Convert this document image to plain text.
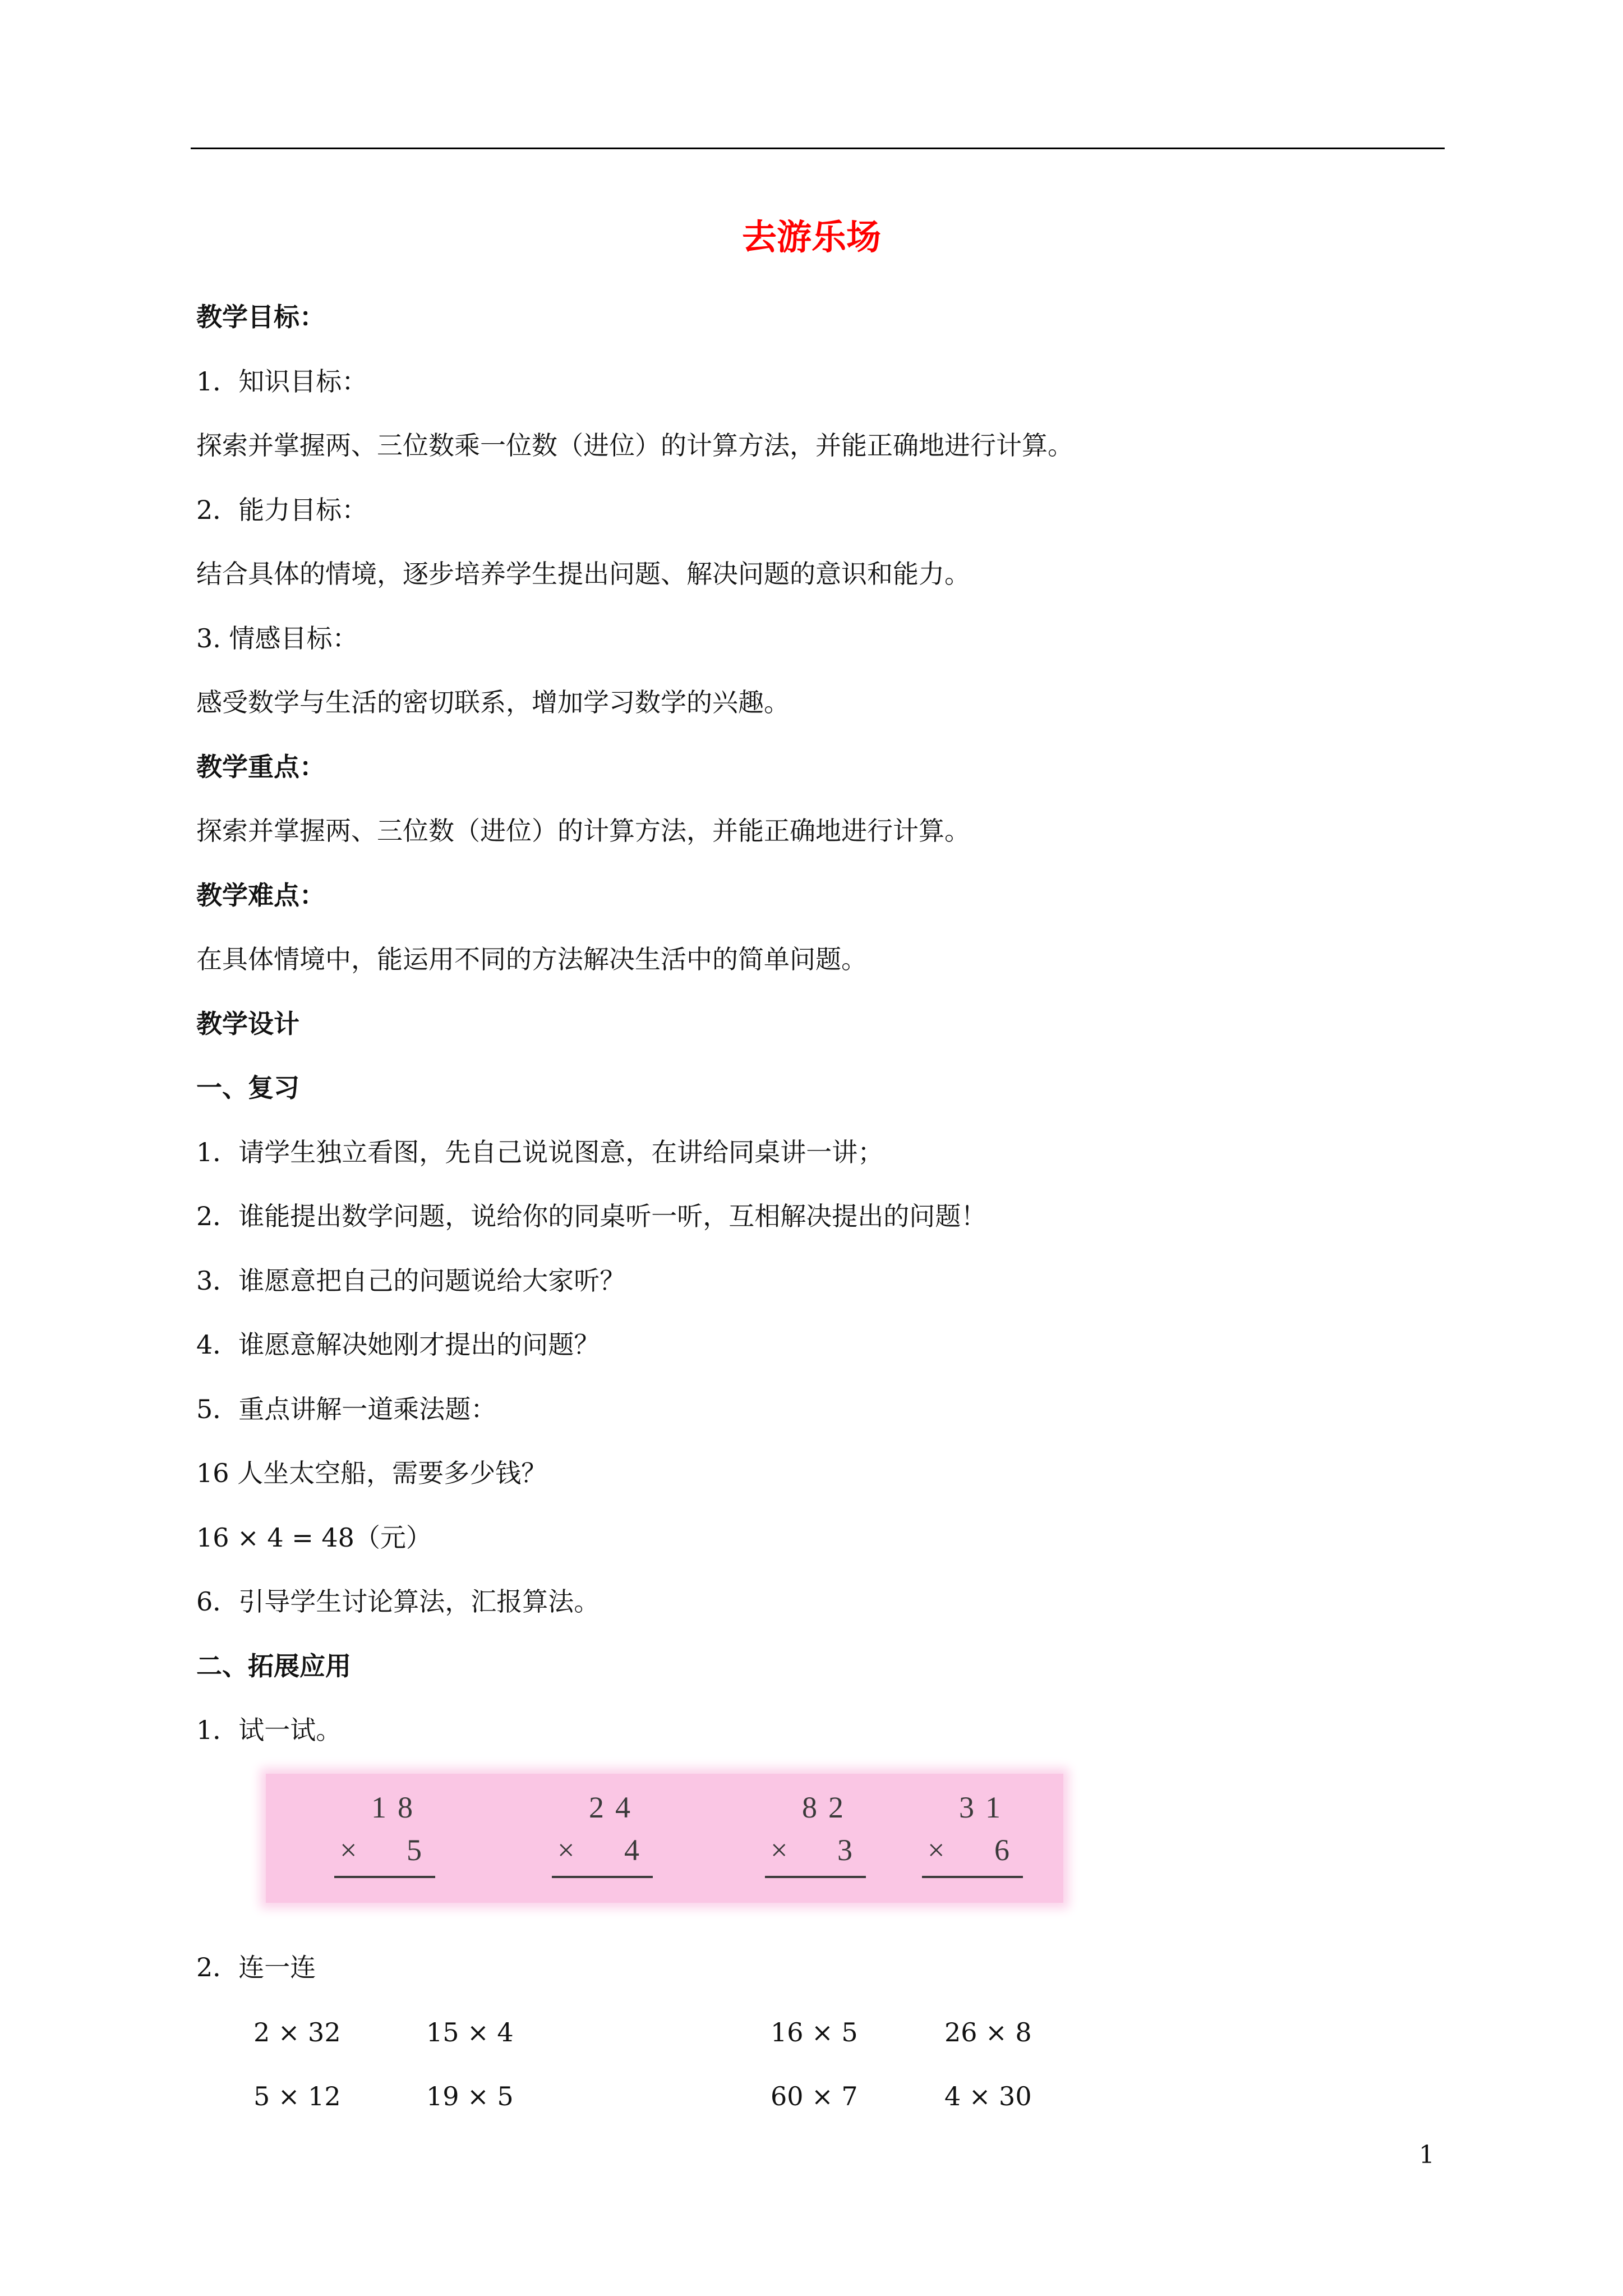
去游乐场
教学目标：
1．知识目标：
探索并掌握两、三位数乘一位数（进位）的计算方法，并能正确地进行计算。
2．能力目标：
结合具体的情境，逐步培养学生提出问题、解决问题的意识和能力。
3. 情感目标：
感受数学与生活的密切联系，增加学习数学的兴趣。
教学重点：
探索并掌握两、三位数（进位）的计算方法，并能正确地进行计算。
教学难点：
在具体情境中，能运用不同的方法解决生活中的简单问题。
教学设计
一、复习
1．请学生独立看图，先自己说说图意，在讲给同桌讲一讲；
2．谁能提出数学问题，说给你的同桌听一听，互相解决提出的问题！
3．谁愿意把自己的问题说给大家听？
4．谁愿意解决她刚才提出的问题？
5．重点讲解一道乘法题：
16 人坐太空船，需要多少钱？
16 × 4 = 48（元）
6．引导学生讨论算法，汇报算法。
二、拓展应用
1．试一试。
18
× 5
24
× 4
82
× 3
31
× 6
2．连一连
2 × 32	15 × 4	16 × 5	26 × 8
5 × 12	19 × 5	60 × 7	4 × 30
1
